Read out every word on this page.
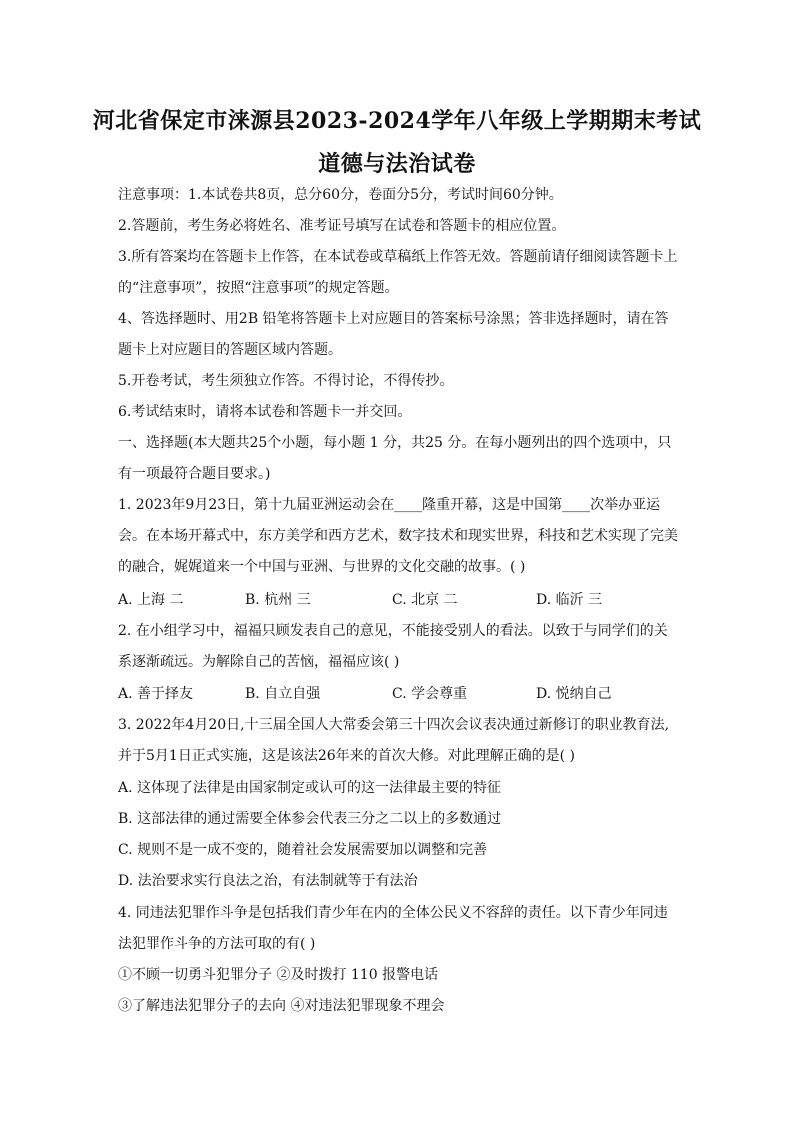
河北省保定市涞源县2023-2024学年八年级上学期期末考试
道德与法治试卷
注意事项：1.本试卷共8页，总分60分，卷面分5分，考试时间60分钟。
2.答题前，考生务必将姓名、准考证号填写在试卷和答题卡的相应位置。
3.所有答案均在答题卡上作答，在本试卷或草稿纸上作答无效。答题前请仔细阅读答题卡上
的“注意事项”，按照“注意事项”的规定答题。
4、答选择题时、用2B 铅笔将答题卡上对应题目的答案标号涂黑；答非选择题时，请在答
题卡上对应题目的答题区域内答题。
5.开卷考试，考生须独立作答。不得讨论，不得传抄。
6.考试结束时，请将本试卷和答题卡一并交回。
一、选择题(本大题共25个小题，每小题 1 分，共25 分。在每小题列出的四个选项中，只
有一项最符合题目要求。)
1. 2023年9月23日，第十九届亚洲运动会在____隆重开幕，这是中国第____次举办亚运
会。在本场开幕式中，东方美学和西方艺术，数字技术和现实世界，科技和艺术实现了完美
的融合，娓娓道来一个中国与亚洲、与世界的文化交融的故事。( )
A. 上海 二	B. 杭州 三	C. 北京 二	D. 临沂 三
2. 在小组学习中，福福只顾发表自己的意见，不能接受别人的看法。以致于与同学们的关
系逐渐疏远。为解除自己的苦恼，福福应该( )
A. 善于择友	B. 自立自强	C. 学会尊重	D. 悦纳自己
3. 2022年4月20日,十三届全国人大常委会第三十四次会议表决通过新修订的职业教育法,
并于5月1日正式实施，这是该法26年来的首次大修。对此理解正确的是( )
A. 这体现了法律是由国家制定或认可的这一法律最主要的特征
B. 这部法律的通过需要全体参会代表三分之二以上的多数通过
C. 规则不是一成不变的，随着社会发展需要加以调整和完善
D. 法治要求实行良法之治，有法制就等于有法治
4. 同违法犯罪作斗争是包括我们青少年在内的全体公民义不容辞的责任。以下青少年同违
法犯罪作斗争的方法可取的有( )
①不顾一切勇斗犯罪分子 ②及时拨打 110 报警电话
③了解违法犯罪分子的去向 ④对违法犯罪现象不理会
